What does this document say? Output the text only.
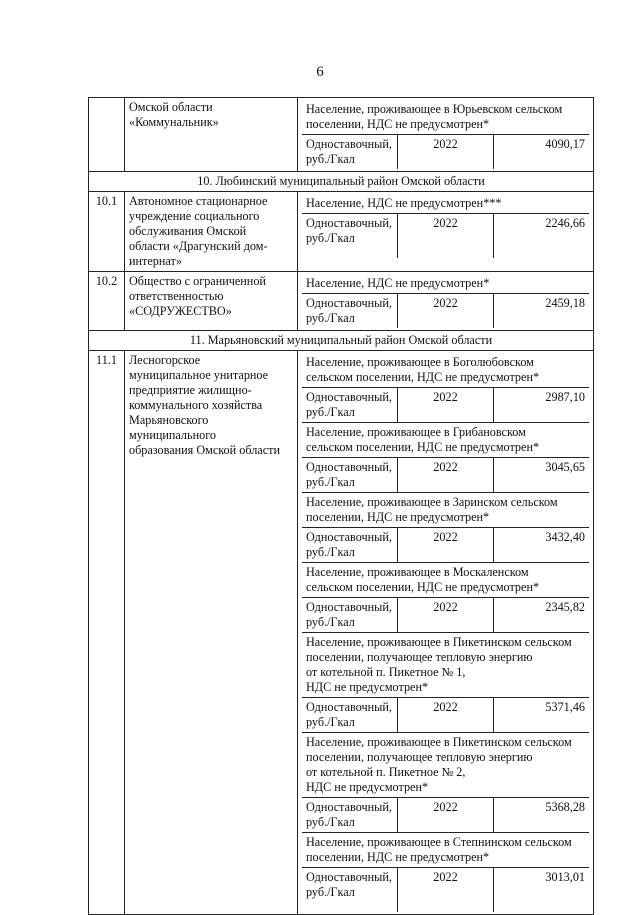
6
	Омской области
«Коммунальник»	
Население, проживающее в Юрьевском сельском
поселении, НДС не предусмотрен*
Одноставочный, руб./Гкал	2022	4090,17

10. Любинский муниципальный район Омской области
10.1	Автономное стационарное
учреждение социального
обслуживания Омской
области «Драгунский дом-
интернат»	
Население, НДС не предусмотрен***
Одноставочный, руб./Гкал	2022	2246,66

10.2	Общество с ограниченной
ответственностью
«СОДРУЖЕСТВО»	
Население, НДС не предусмотрен*
Одноставочный, руб./Гкал	2022	2459,18

11. Марьяновский муниципальный район Омской области
11.1	Лесногорское
муниципальное унитарное
предприятие жилищно-
коммунального хозяйства
Марьяновского
муниципального
образования Омской области	
Население, проживающее в Боголюбовском
сельском поселении, НДС не предусмотрен*
Одноставочный, руб./Гкал	2022	2987,10
Население, проживающее в Грибановском
сельском поселении, НДС не предусмотрен*
Одноставочный, руб./Гкал	2022	3045,65
Население, проживающее в Заринском сельском
поселении, НДС не предусмотрен*
Одноставочный, руб./Гкал	2022	3432,40
Население, проживающее в Москаленском
сельском поселении, НДС не предусмотрен*
Одноставочный, руб./Гкал	2022	2345,82
Население, проживающее в Пикетинском сельском
поселении, получающее тепловую энергию
от котельной п. Пикетное № 1,
НДС не предусмотрен*
Одноставочный, руб./Гкал	2022	5371,46
Население, проживающее в Пикетинском сельском
поселении, получающее тепловую энергию
от котельной п. Пикетное № 2,
НДС не предусмотрен*
Одноставочный, руб./Гкал	2022	5368,28
Население, проживающее в Степнинском сельском
поселении, НДС не предусмотрен*
Одноставочный, руб./Гкал	2022	3013,01
